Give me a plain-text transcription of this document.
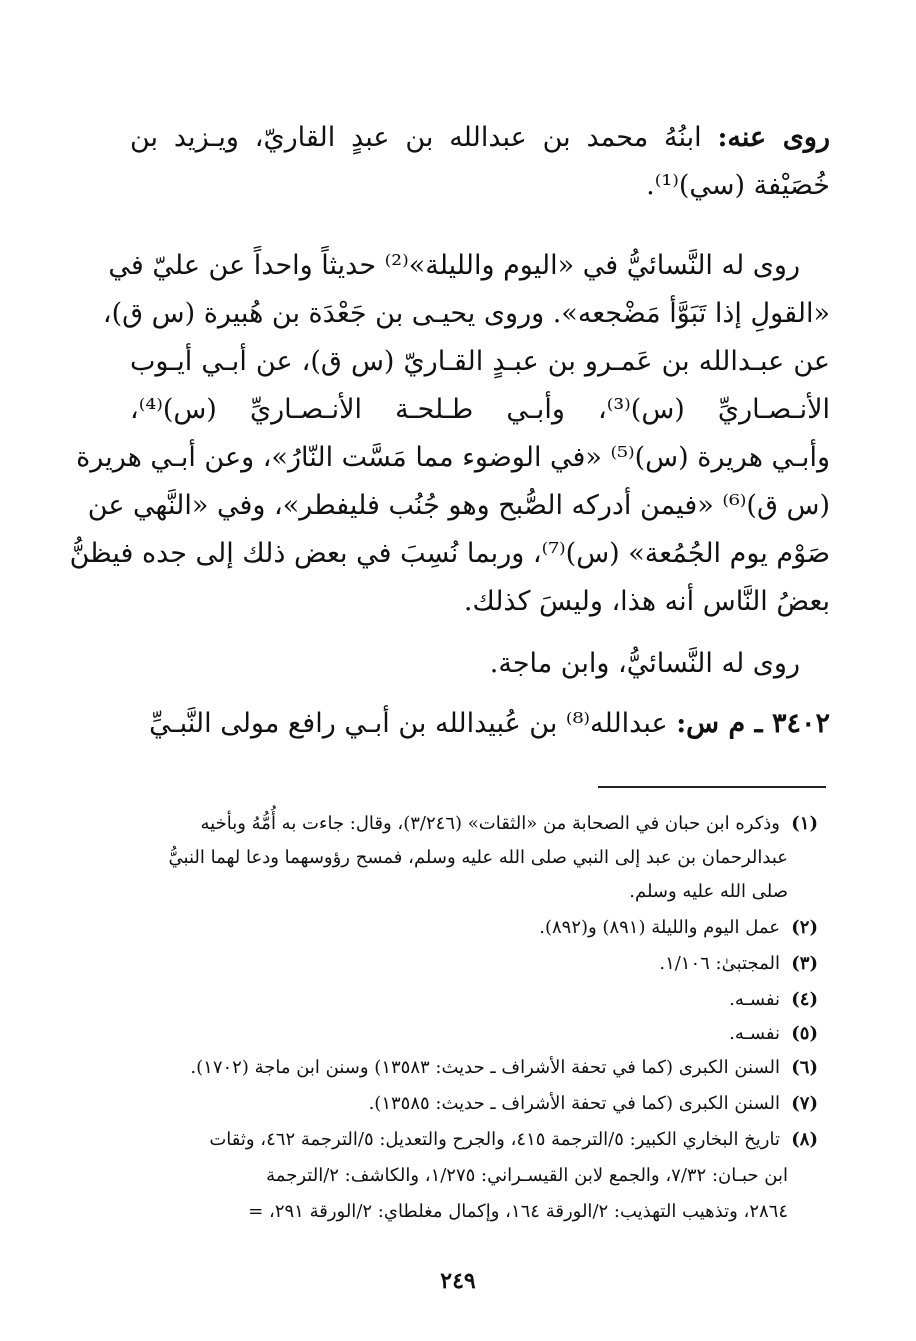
روى عنه: ابنُهُ محمد بن عبدالله بن عبدٍ القاريّ، ويـزيد بن
خُصَيْفة (سي)⁽¹⁾.
روى له النَّسائيُّ في «اليوم والليلة»⁽²⁾ حديثاً واحداً عن عليّ في
«القولِ إذا تَبَوَّأ مَضْجعه». وروى يحيـى بن جَعْدَة بن هُبيرة (س ق)،
عن عبـدالله بن عَمـرو بن عبـدٍ القـاريّ (س ق)، عن أبـي أيـوب
الأنـصـاريِّ (س)⁽³⁾، وأبـي طـلحـة الأنـصـاريِّ (س)⁽⁴⁾،
وأبـي هريرة (س)⁽⁵⁾ «في الوضوء مما مَسَّت النّارُ»، وعن أبـي هريرة
(س ق)⁽⁶⁾ «فيمن أدركه الصُّبح وهو جُنُب فليفطر»، وفي «النَّهي عن
صَوْم يوم الجُمُعة» (س)⁽⁷⁾، وربما نُسِبَ في بعض ذلك إلى جده فيظنُّ
بعضُ النَّاس أنه هذا، وليسَ كذلك.
روى له النَّسائيُّ، وابن ماجة.
٣٤٠٢ ـ م س: عبدالله⁽⁸⁾ بن عُبيدالله بن أبـي رافع مولى النَّبـيِّ
(١)وذكره ابن حبان في الصحابة من «الثقات» (٣/٢٤٦)، وقال: جاءت به أُمُّهُ وبأخيه
عبدالرحمان بن عبد إلى النبي صلى الله عليه وسلم، فمسح رؤوسهما ودعا لهما النبيُّ
صلى الله عليه وسلم.
(٢)عمل اليوم والليلة (٨٩١) و(٨٩٢).
(٣)المجتبىٰ: ١/١٠٦.
(٤)نفسـه.
(٥)نفسـه.
(٦)السنن الكبرى (كما في تحفة الأشراف ـ حديث: ١٣٥٨٣) وسنن ابن ماجة (١٧٠٢).
(٧)السنن الكبرى (كما في تحفة الأشراف ـ حديث: ١٣٥٨٥).
(٨)تاريخ البخاري الكبير: ٥/الترجمة ٤١٥، والجرح والتعديل: ٥/الترجمة ٤٦٢، وثقات
ابن حبـان: ٧/٣٢، والجمع لابن القيسـراني: ١/٢٧٥، والكاشف: ٢/الترجمة
٢٨٦٤، وتذهيب التهذيب: ٢/الورقة ١٦٤، وإكمال مغلطاي: ٢/الورقة ٢٩١، =
٢٤٩
